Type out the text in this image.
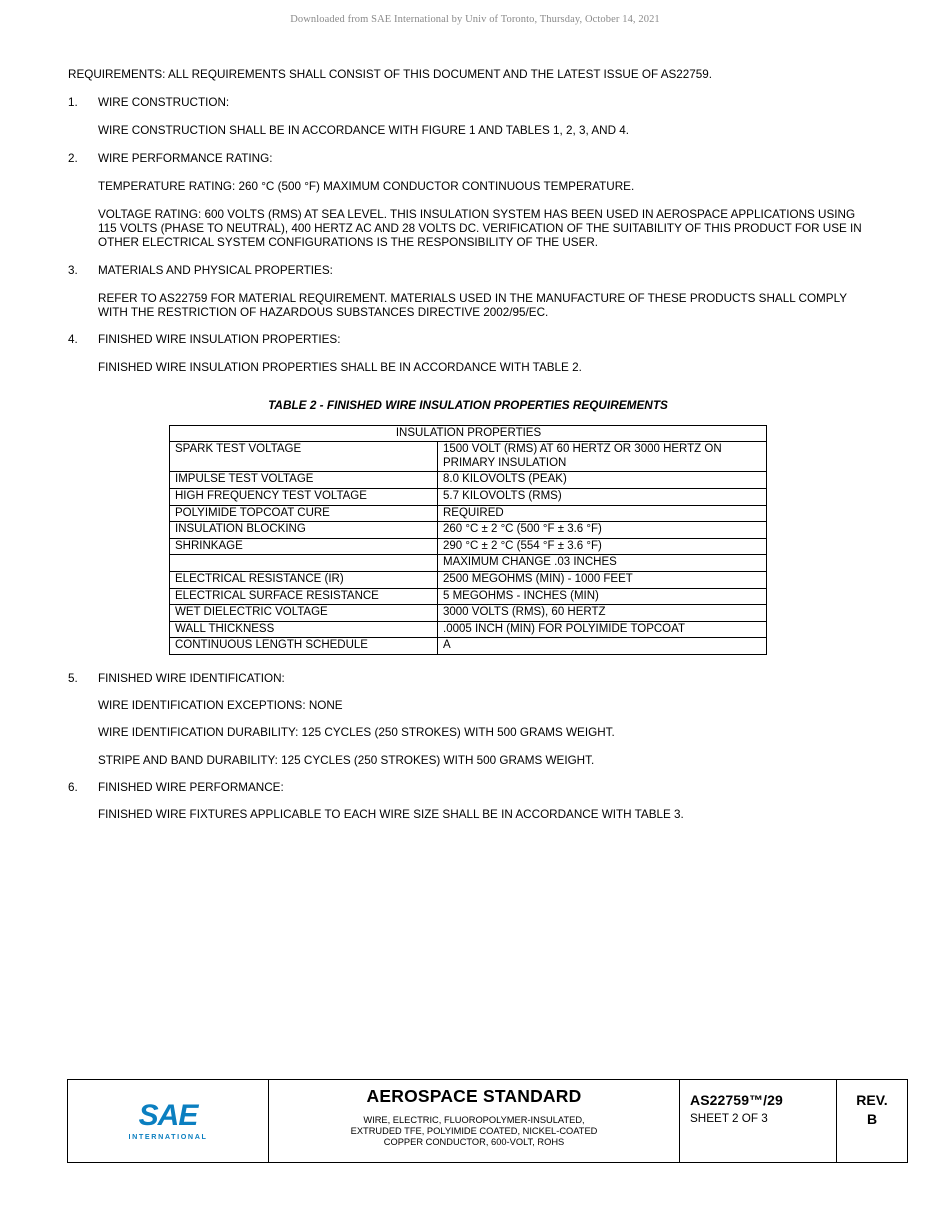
Downloaded from SAE International by Univ of Toronto, Thursday, October 14, 2021

REQUIREMENTS: ALL REQUIREMENTS SHALL CONSIST OF THIS DOCUMENT AND THE LATEST ISSUE OF AS22759.

1. WIRE CONSTRUCTION:
WIRE CONSTRUCTION SHALL BE IN ACCORDANCE WITH FIGURE 1 AND TABLES 1, 2, 3, AND 4.
2. WIRE PERFORMANCE RATING:
TEMPERATURE RATING: 260 °C (500 °F) MAXIMUM CONDUCTOR CONTINUOUS TEMPERATURE.
VOLTAGE RATING: 600 VOLTS (RMS) AT SEA LEVEL. THIS INSULATION SYSTEM HAS BEEN USED IN AEROSPACE APPLICATIONS USING 115 VOLTS (PHASE TO NEUTRAL), 400 HERTZ AC AND 28 VOLTS DC. VERIFICATION OF THE SUITABILITY OF THIS PRODUCT FOR USE IN OTHER ELECTRICAL SYSTEM CONFIGURATIONS IS THE RESPONSIBILITY OF THE USER.
3. MATERIALS AND PHYSICAL PROPERTIES:
REFER TO AS22759 FOR MATERIAL REQUIREMENT. MATERIALS USED IN THE MANUFACTURE OF THESE PRODUCTS SHALL COMPLY WITH THE RESTRICTION OF HAZARDOUS SUBSTANCES DIRECTIVE 2002/95/EC.
4. FINISHED WIRE INSULATION PROPERTIES:
FINISHED WIRE INSULATION PROPERTIES SHALL BE IN ACCORDANCE WITH TABLE 2.
TABLE 2 - FINISHED WIRE INSULATION PROPERTIES REQUIREMENTS
INSULATION PROPERTIES	
SPARK TEST VOLTAGE	1500 VOLT (RMS) AT 60 HERTZ OR 3000 HERTZ ON PRIMARY INSULATION
IMPULSE TEST VOLTAGE	8.0 KILOVOLTS (PEAK)
HIGH FREQUENCY TEST VOLTAGE	5.7 KILOVOLTS (RMS)
POLYIMIDE TOPCOAT CURE	REQUIRED
INSULATION BLOCKING	260 °C ± 2 °C (500 °F ± 3.6 °F)
SHRINKAGE	290 °C ± 2 °C (554 °F ± 3.6 °F)
	MAXIMUM CHANGE .03 INCHES
ELECTRICAL RESISTANCE (IR)	2500 MEGOHMS (MIN) - 1000 FEET
ELECTRICAL SURFACE RESISTANCE	5 MEGOHMS - INCHES (MIN)
WET DIELECTRIC VOLTAGE	3000 VOLTS (RMS), 60 HERTZ
WALL THICKNESS	.0005 INCH (MIN) FOR POLYIMIDE TOPCOAT
CONTINUOUS LENGTH SCHEDULE	A
5. FINISHED WIRE IDENTIFICATION:
WIRE IDENTIFICATION EXCEPTIONS: NONE
WIRE IDENTIFICATION DURABILITY: 125 CYCLES (250 STROKES) WITH 500 GRAMS WEIGHT.
STRIPE AND BAND DURABILITY: 125 CYCLES (250 STROKES) WITH 500 GRAMS WEIGHT.
6. FINISHED WIRE PERFORMANCE:
FINISHED WIRE FIXTURES APPLICABLE TO EACH WIRE SIZE SHALL BE IN ACCORDANCE WITH TABLE 3.
SAE
INTERNATIONAL
AEROSPACE STANDARD
WIRE, ELECTRIC, FLUOROPOLYMER-INSULATED,
EXTRUDED TFE, POLYIMIDE COATED, NICKEL-COATED
COPPER CONDUCTOR, 600-VOLT, ROHS
AS22759™/29
SHEET 2 OF 3
REV.
B
